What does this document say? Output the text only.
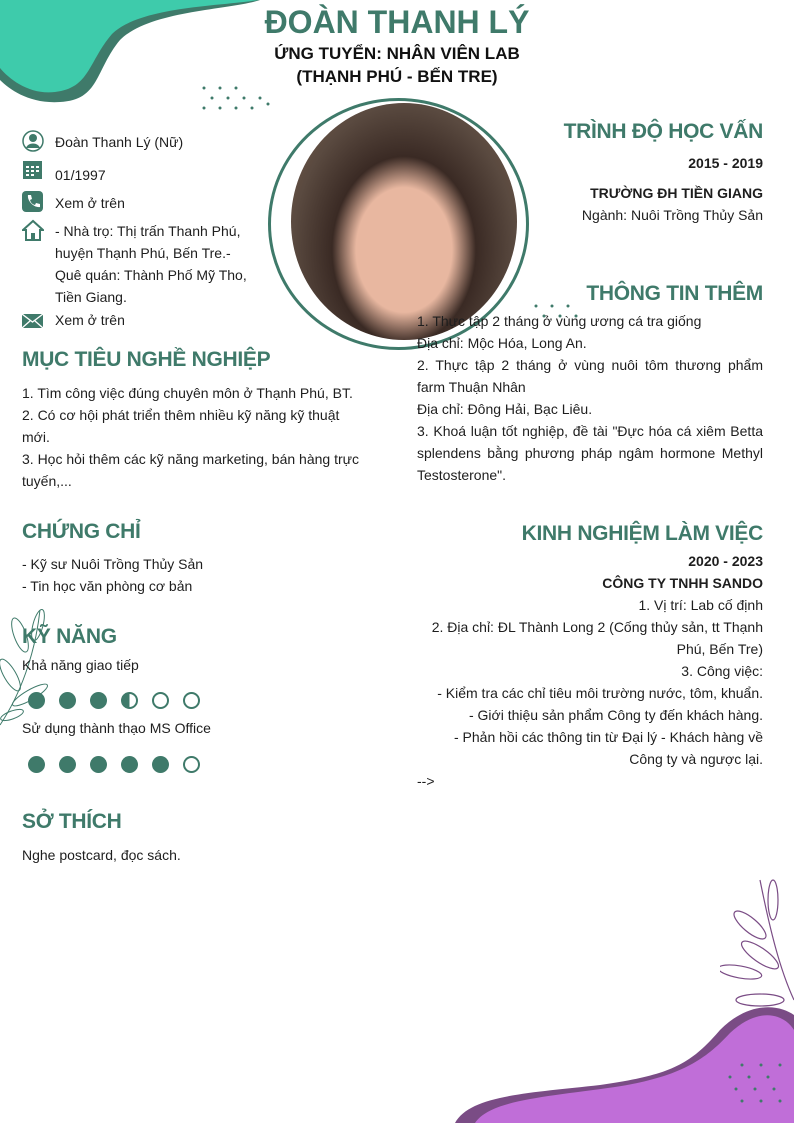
ĐOÀN THANH LÝ
ỨNG TUYỂN: NHÂN VIÊN LAB
(THẠNH PHÚ - BẾN TRE)
Đoàn Thanh Lý (Nữ)
01/1997
Xem ở trên
- Nhà trọ: Thị trấn Thanh Phú,
huyện Thạnh Phú, Bến Tre.-
Quê quán: Thành Phố Mỹ Tho,
Tiền Giang.
Xem ở trên
MỤC TIÊU NGHỀ NGHIỆP
1. Tìm công việc đúng chuyên môn ở Thạnh Phú, BT.
2. Có cơ hội phát triển thêm nhiều kỹ năng kỹ thuật
mới.
3. Học hỏi thêm các kỹ năng marketing, bán hàng trực
tuyến,...
CHỨNG CHỈ
- Kỹ sư Nuôi Trồng Thủy Sản
- Tin học văn phòng cơ bản
KỸ NĂNG
Khả năng giao tiếp
Sử dụng thành thạo MS Office
SỞ THÍCH
Nghe postcard, đọc sách.
TRÌNH ĐỘ HỌC VẤN
2015 - 2019
TRƯỜNG ĐH TIỀN GIANG
Ngành: Nuôi Trồng Thủy Sản
THÔNG TIN THÊM
1. Thực tập 2 tháng ở vùng ương cá tra giống
Địa chỉ: Mộc Hóa, Long An.
2. Thực tập 2 tháng ở vùng nuôi tôm thương phẩm farm Thuận Nhân
Địa chỉ: Đông Hải, Bạc Liêu.
3. Khoá luận tốt nghiệp, đề tài "Đực hóa cá xiêm Betta splendens bằng phương pháp ngâm hormone Methyl Testosterone".
KINH NGHIỆM LÀM VIỆC
2020 - 2023
CÔNG TY TNHH SANDO
1. Vị trí: Lab cố định
2. Địa chỉ: ĐL Thành Long 2 (Cống thủy sản, tt Thạnh Phú, Bến Tre)
3. Công việc:
- Kiểm tra các chỉ tiêu môi trường nước, tôm, khuẩn.
- Giới thiệu sản phẩm Công ty đến khách hàng.
- Phản hồi các thông tin từ Đại lý - Khách hàng về Công ty và ngược lại.
-->
